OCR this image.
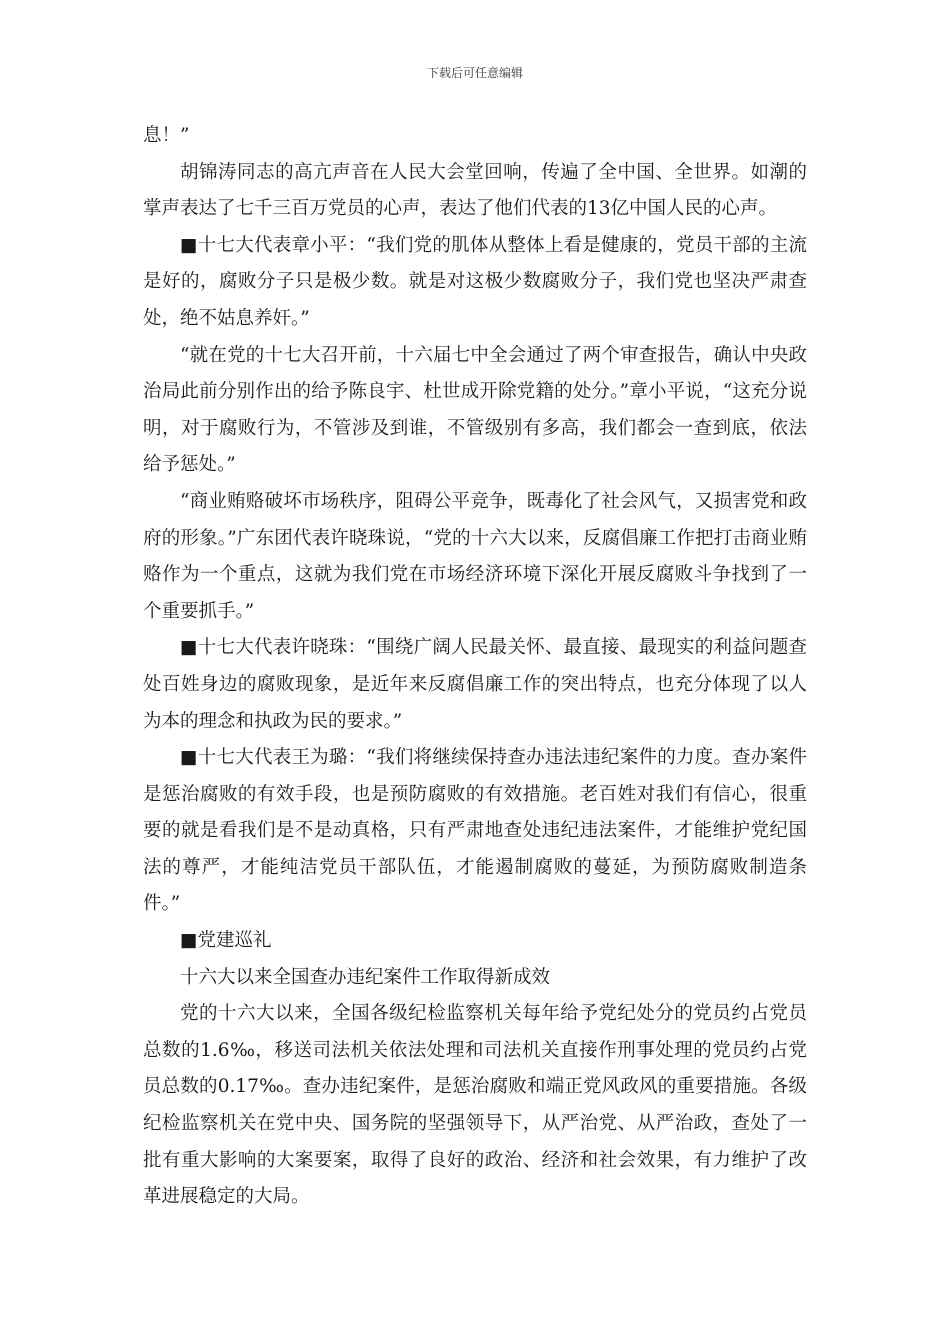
下载后可任意编辑

息！”

胡锦涛同志的高亢声音在人民大会堂回响，传遍了全中国、全世界。如潮的掌声表达了七千三百万党员的心声，表达了他们代表的13亿中国人民的心声。

■十七大代表章小平：“我们党的肌体从整体上看是健康的，党员干部的主流是好的，腐败分子只是极少数。就是对这极少数腐败分子，我们党也坚决严肃查处，绝不姑息养奸。”

“就在党的十七大召开前，十六届七中全会通过了两个审查报告，确认中央政治局此前分别作出的给予陈良宇、杜世成开除党籍的处分。”章小平说，“这充分说明，对于腐败行为，不管涉及到谁，不管级别有多高，我们都会一查到底，依法给予惩处。”

“商业贿赂破坏市场秩序，阻碍公平竞争，既毒化了社会风气，又损害党和政府的形象。”广东团代表许晓珠说，“党的十六大以来，反腐倡廉工作把打击商业贿赂作为一个重点，这就为我们党在市场经济环境下深化开展反腐败斗争找到了一个重要抓手。”

■十七大代表许晓珠：“围绕广阔人民最关怀、最直接、最现实的利益问题查处百姓身边的腐败现象，是近年来反腐倡廉工作的突出特点，也充分体现了以人为本的理念和执政为民的要求。”

■十七大代表王为璐：“我们将继续保持查办违法违纪案件的力度。查办案件是惩治腐败的有效手段，也是预防腐败的有效措施。老百姓对我们有信心，很重要的就是看我们是不是动真格，只有严肃地查处违纪违法案件，才能维护党纪国法的尊严，才能纯洁党员干部队伍，才能遏制腐败的蔓延，为预防腐败制造条件。”

■党建巡礼

十六大以来全国查办违纪案件工作取得新成效

党的十六大以来，全国各级纪检监察机关每年给予党纪处分的党员约占党员总数的1.6‰，移送司法机关依法处理和司法机关直接作刑事处理的党员约占党员总数的0.17‰。查办违纪案件，是惩治腐败和端正党风政风的重要措施。各级纪检监察机关在党中央、国务院的坚强领导下，从严治党、从严治政，查处了一批有重大影响的大案要案，取得了良好的政治、经济和社会效果，有力维护了改革进展稳定的大局。
